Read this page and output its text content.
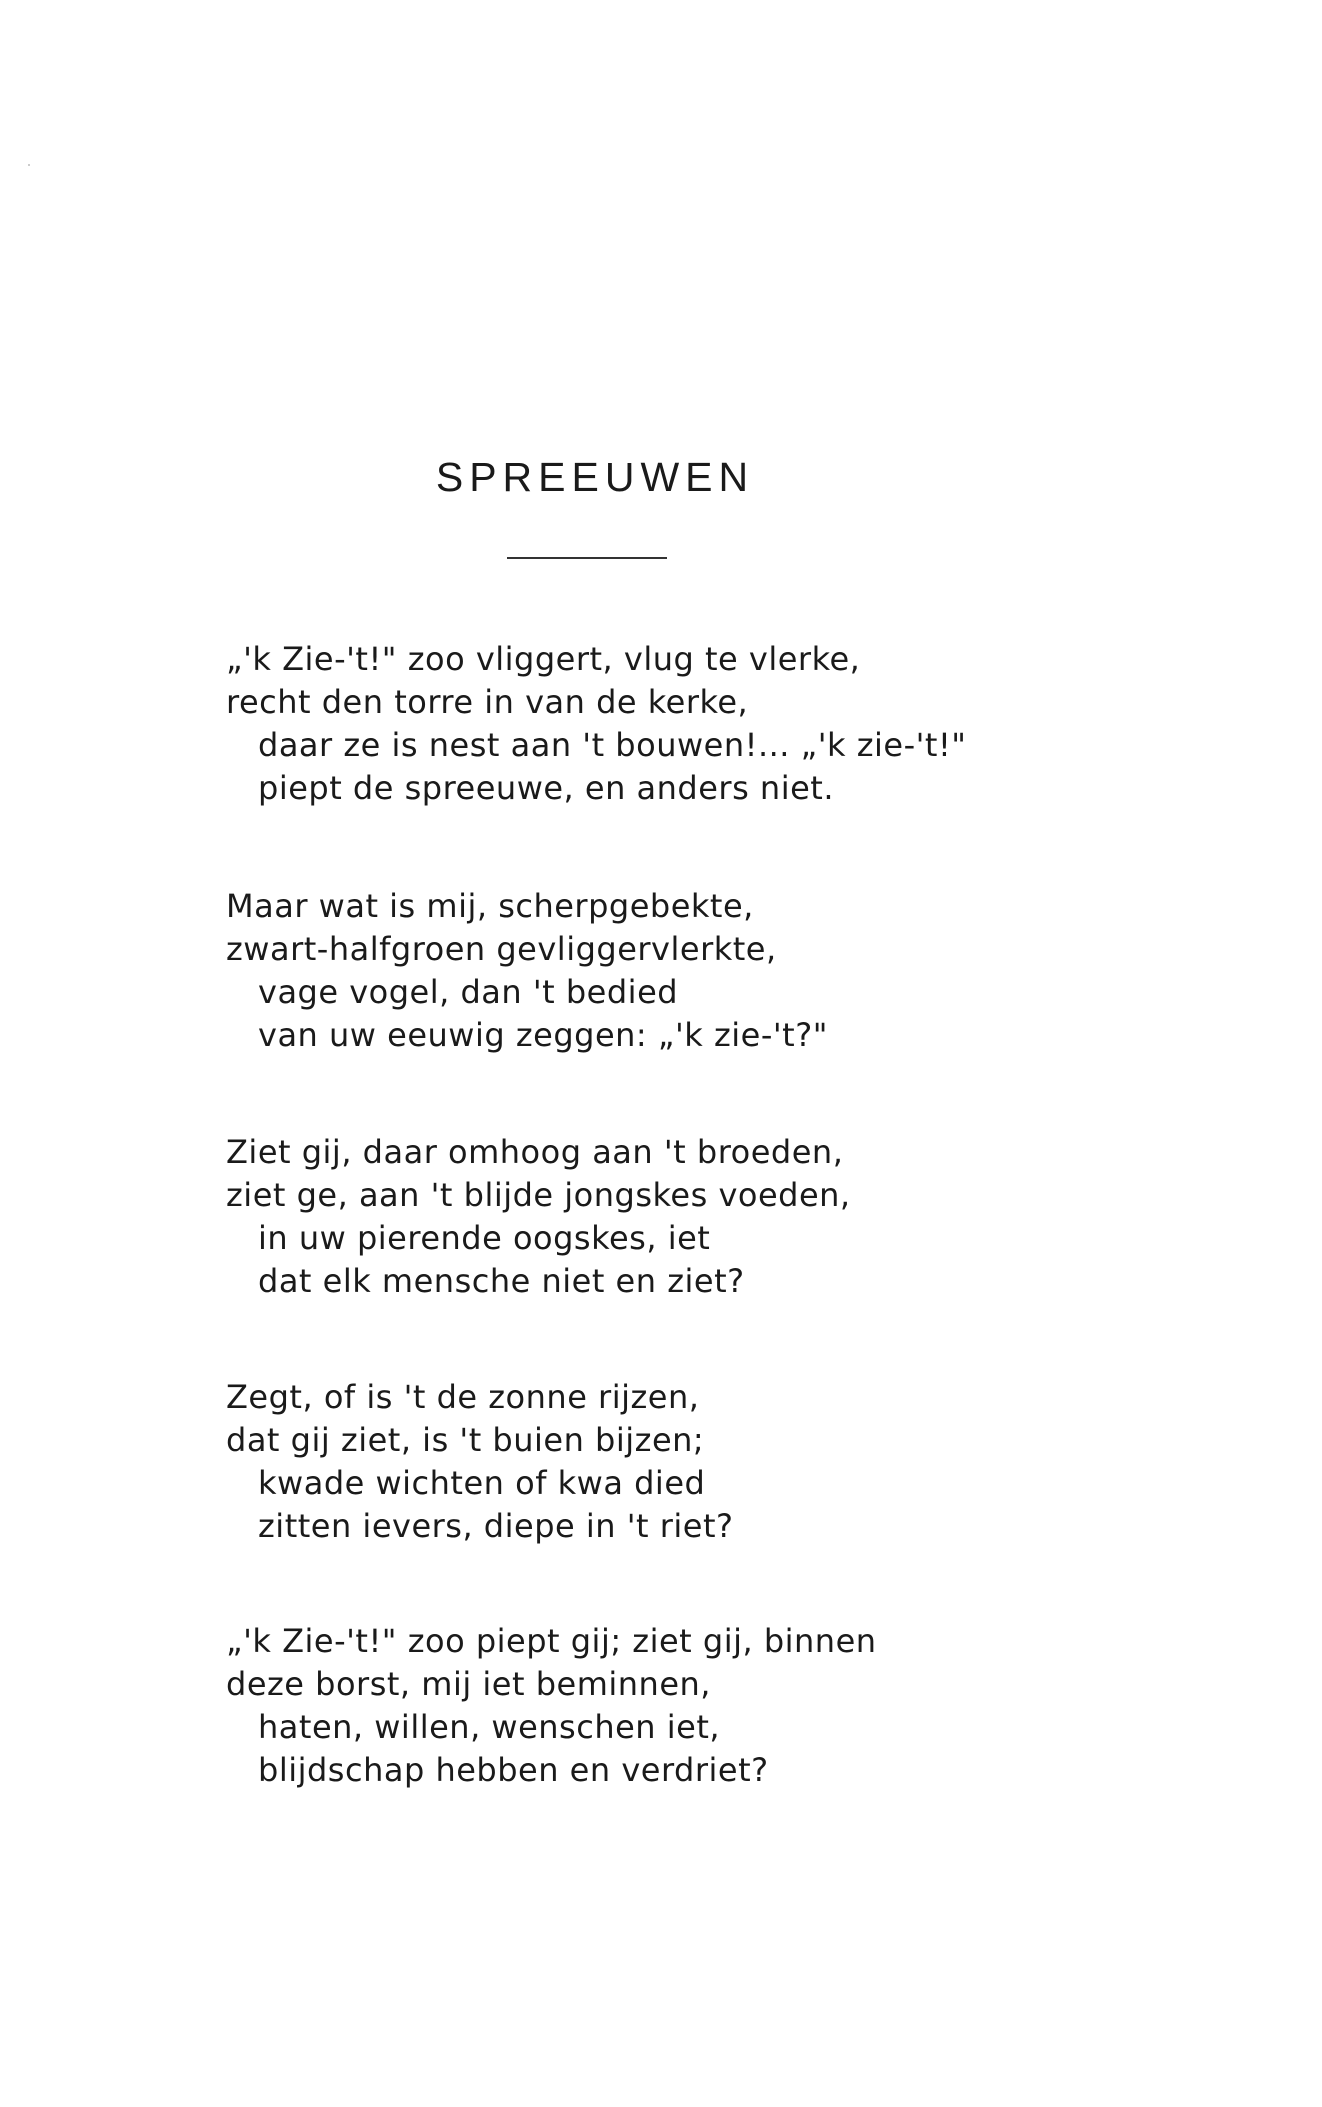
SPREEUWEN
„'k Zie-'t!" zoo vliggert, vlug te vlerke,
recht den torre in van de kerke,
daar ze is nest aan 't bouwen!... „'k zie-'t!"
piept de spreeuwe, en anders niet.
Maar wat is mij, scherpgebekte,
zwart-halfgroen gevliggervlerkte,
vage vogel, dan 't bedied
van uw eeuwig zeggen: „'k zie-'t?"
Ziet gij, daar omhoog aan 't broeden,
ziet ge, aan 't blijde jongskes voeden,
in uw pierende oogskes, iet
dat elk mensche niet en ziet?
Zegt, of is 't de zonne rijzen,
dat gij ziet, is 't buien bijzen;
kwade wichten of kwa died
zitten ievers, diepe in 't riet?
„'k Zie-'t!" zoo piept gij; ziet gij, binnen
deze borst, mij iet beminnen,
haten, willen, wenschen iet,
blijdschap hebben en verdriet?
